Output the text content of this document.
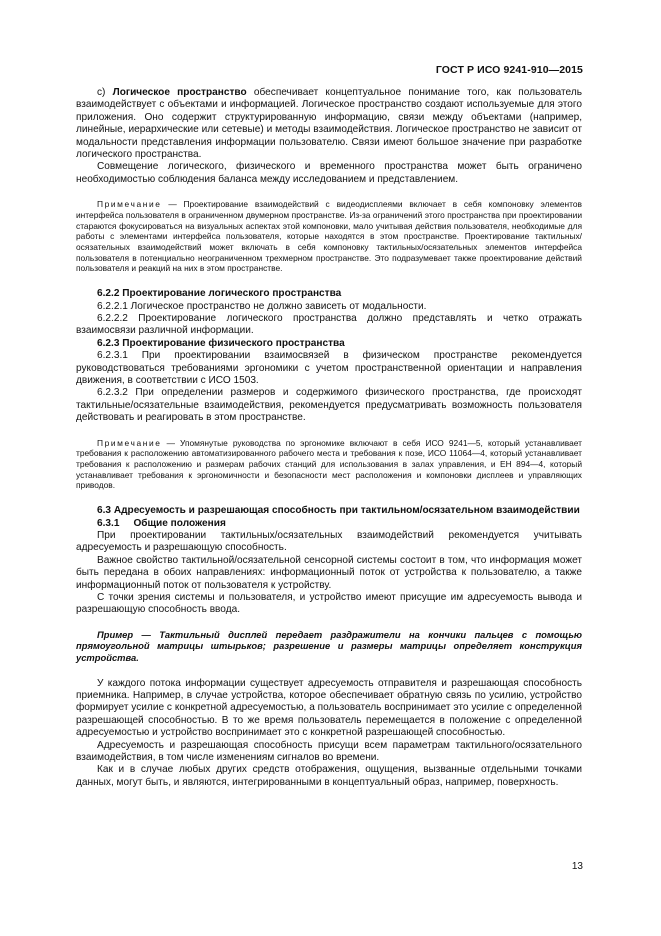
ГОСТ Р ИСО 9241-910—2015

с) Логическое пространство обеспечивает концептуальное понимание того, как пользователь взаимодействует с объектами и информацией. Логическое пространство создают используемые для этого приложения. Оно содержит структурированную информацию, связи между объектами (например, линейные, иерархические или сетевые) и методы взаимодействия. Логическое пространство не зависит от модальности представления информации пользователю. Связи имеют большое значение при разработке логического пространства.

Совмещение логического, физического и временного пространства может быть ограничено необходимостью соблюдения баланса между исследованием и представлением.

Примечание — Проектирование взаимодействий с видеодисплеями включает в себя компоновку элементов интерфейса пользователя в ограниченном двумерном пространстве. Из-за ограничений этого пространства при проектировании стараются фокусироваться на визуальных аспектах этой компоновки, мало учитывая действия пользователя, необходимые для работы с элементами интерфейса пользователя, которые находятся в этом пространстве. Проектирование тактильных/осязательных взаимодействий может включать в себя компоновку тактильных/осязательных элементов интерфейса пользователя в потенциально неограниченном трехмерном пространстве. Это подразумевает также проектирование действий пользователя и реакций на них в этом пространстве.

6.2.2 Проектирование логического пространства

6.2.2.1 Логическое пространство не должно зависеть от модальности.

6.2.2.2 Проектирование логического пространства должно представлять и четко отражать взаимосвязи различной информации.

6.2.3 Проектирование физического пространства

6.2.3.1 При проектировании взаимосвязей в физическом пространстве рекомендуется руководствоваться требованиями эргономики с учетом пространственной ориентации и направления движения, в соответствии с ИСО 1503.

6.2.3.2 При определении размеров и содержимого физического пространства, где происходят тактильные/осязательные взаимодействия, рекомендуется предусматривать возможность пользователя действовать и реагировать в этом пространстве.

Примечание — Упомянутые руководства по эргономике включают в себя ИСО 9241—5, который устанавливает требования к расположению автоматизированного рабочего места и требования к позе, ИСО 11064—4, который устанавливает требования к расположению и размерам рабочих станций для использования в залах управления, и ЕН 894—4, который устанавливает требования к эргономичности и безопасности мест расположения и компоновки дисплеев и управляющих приводов.

6.3 Адресуемость и разрешающая способность при тактильном/осязательном взаимодействии

6.3.1 Общие положения

При проектировании тактильных/осязательных взаимодействий рекомендуется учитывать адресуемость и разрешающую способность.

Важное свойство тактильной/осязательной сенсорной системы состоит в том, что информация может быть передана в обоих направлениях: информационный поток от устройства к пользователю, а также информационный поток от пользователя к устройству.

С точки зрения системы и пользователя, и устройство имеют присущие им адресуемость вывода и разрешающую способность ввода.

Пример — Тактильный дисплей передает раздражители на кончики пальцев с помощью прямоугольной матрицы штырьков; разрешение и размеры матрицы определяет конструкция устройства.

У каждого потока информации существует адресуемость отправителя и разрешающая способность приемника. Например, в случае устройства, которое обеспечивает обратную связь по усилию, устройство формирует усилие с конкретной адресуемостью, а пользователь воспринимает это усилие с определенной разрешающей способностью. В то же время пользователь перемещается в положение с определенной адресуемостью и устройство воспринимает это с конкретной разрешающей способностью.

Адресуемость и разрешающая способность присущи всем параметрам тактильного/осязательного взаимодействия, в том числе изменениям сигналов во времени.

Как и в случае любых других средств отображения, ощущения, вызванные отдельными точками данных, могут быть, и являются, интегрированными в концептуальный образ, например, поверхность.

13
